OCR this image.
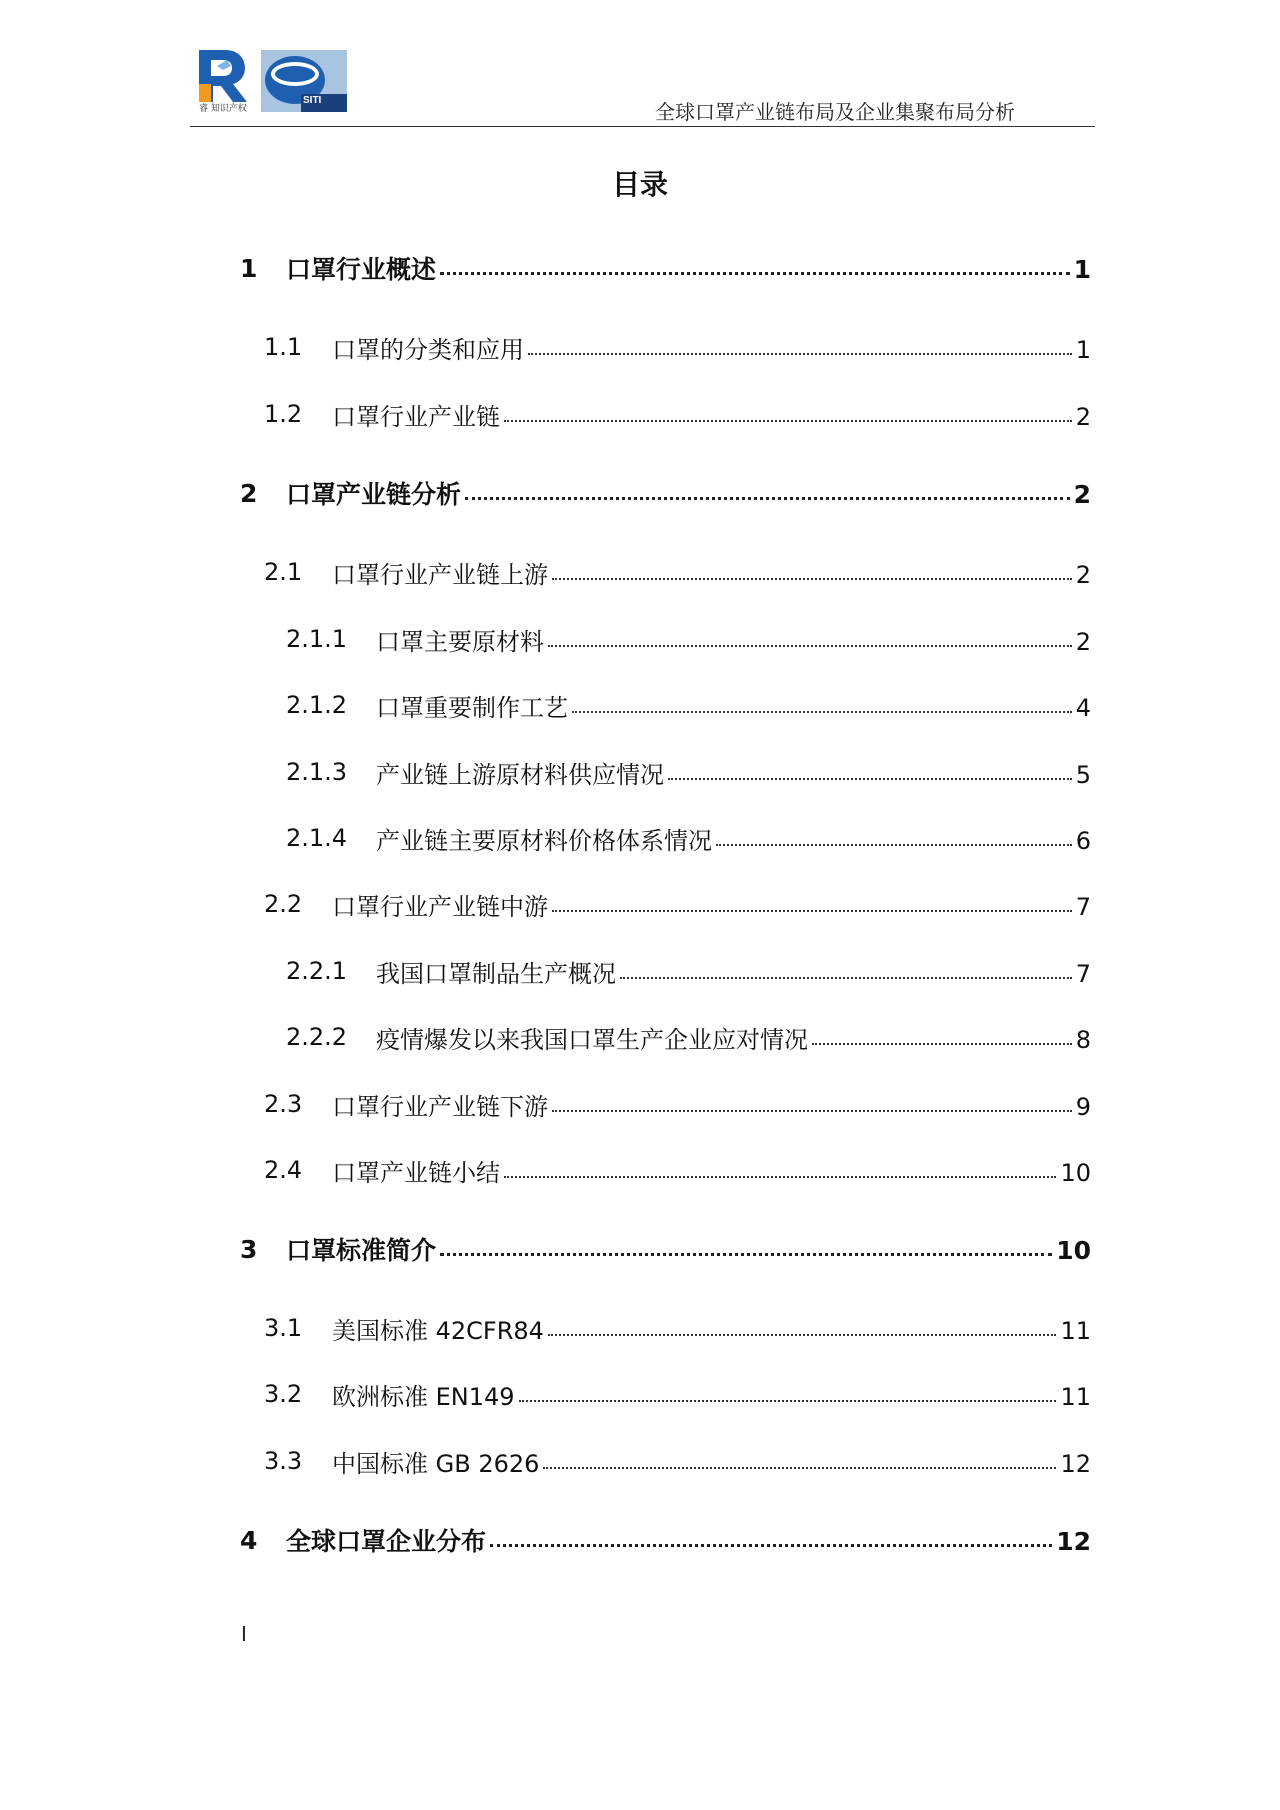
睿 知识产权
SITI	全球口罩产业链布局及企业集聚布局分析
目录
1 口罩行业概述	1
1.1 口罩的分类和应用	1
1.2 口罩行业产业链	2
2 口罩产业链分析	2
2.1 口罩行业产业链上游	2
2.1.1 口罩主要原材料	2
2.1.2 口罩重要制作工艺	4
2.1.3 产业链上游原材料供应情况	5
2.1.4 产业链主要原材料价格体系情况	6
2.2 口罩行业产业链中游	7
2.2.1 我国口罩制品生产概况	7
2.2.2 疫情爆发以来我国口罩生产企业应对情况	8
2.3 口罩行业产业链下游	9
2.4 口罩产业链小结	10
3 口罩标准简介	10
3.1 美国标准 42CFR84	11
3.2 欧洲标准 EN149	11
3.3 中国标准 GB 2626	12
4 全球口罩企业分布	12
I
